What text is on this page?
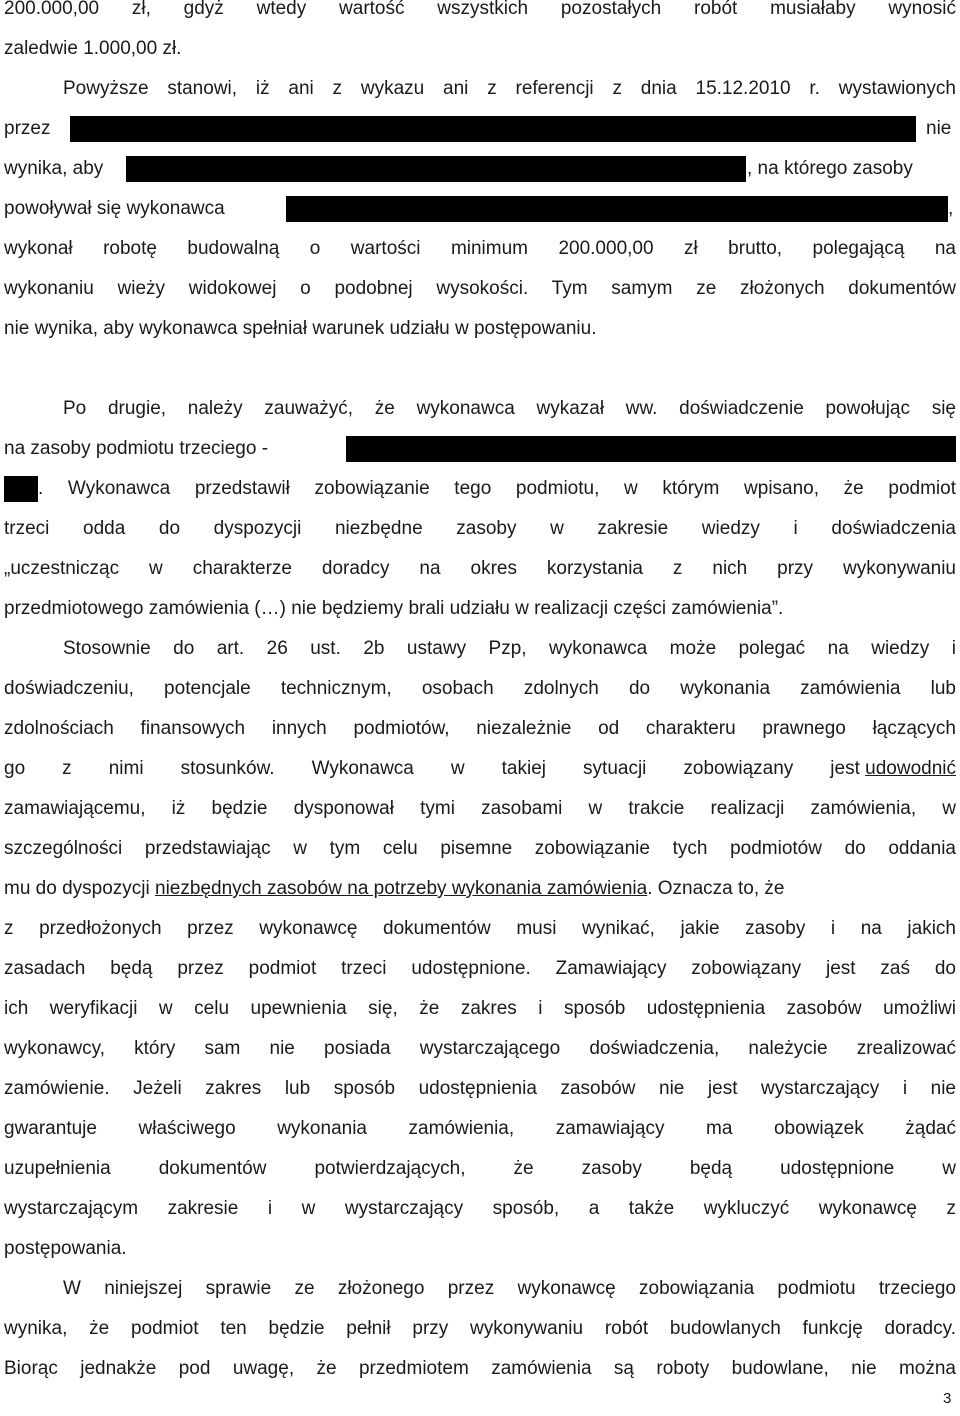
200.000,00 zł, gdyż wtedy wartość wszystkich pozostałych robót musiałaby wynosić
zaledwie 1.000,00 zł.
Powyższe stanowi, iż ani z wykazu ani z referencji z dnia 15.12.2010 r. wystawionych
przez	nie
wynika, aby	, na którego zasoby
powoływał się wykonawca	,
wykonał robotę budowalną o wartości minimum 200.000,00 zł brutto, polegającą na
wykonaniu wieży widokowej o podobnej wysokości. Tym samym ze złożonych dokumentów
nie wynika, aby wykonawca spełniał warunek udziału w postępowaniu.
Po drugie, należy zauważyć, że wykonawca wykazał ww. doświadczenie powołując się
na zasoby podmiotu trzeciego -
. Wykonawca przedstawił zobowiązanie tego podmiotu, w którym wpisano, że podmiot
trzeci odda do dyspozycji niezbędne zasoby w zakresie wiedzy i doświadczenia
„uczestnicząc w charakterze doradcy na okres korzystania z nich przy wykonywaniu
przedmiotowego zamówienia (…) nie będziemy brali udziału w realizacji części zamówienia”.
Stosownie do art. 26 ust. 2b ustawy Pzp, wykonawca może polegać na wiedzy i
doświadczeniu, potencjale technicznym, osobach zdolnych do wykonania zamówienia lub
zdolnościach finansowych innych podmiotów, niezależnie od charakteru prawnego łączących
go z nimi stosunków. Wykonawca w takiej sytuacji zobowiązany jest udowodnić
zamawiającemu, iż będzie dysponował tymi zasobami w trakcie realizacji zamówienia, w
szczególności przedstawiając w tym celu pisemne zobowiązanie tych podmiotów do oddania
mu do dyspozycji niezbędnych zasobów na potrzeby wykonania zamówienia . Oznacza to, że
z przedłożonych przez wykonawcę dokumentów musi wynikać, jakie zasoby i na jakich
zasadach będą przez podmiot trzeci udostępnione. Zamawiający zobowiązany jest zaś do
ich weryfikacji w celu upewnienia się, że zakres i sposób udostępnienia zasobów umożliwi
wykonawcy, który sam nie posiada wystarczającego doświadczenia, należycie zrealizować
zamówienie. Jeżeli zakres lub sposób udostępnienia zasobów nie jest wystarczający i nie
gwarantuje właściwego wykonania zamówienia, zamawiający ma obowiązek żądać
uzupełnienia dokumentów potwierdzających, że zasoby będą udostępnione w
wystarczającym zakresie i w wystarczający sposób, a także wykluczyć wykonawcę z
postępowania.
W niniejszej sprawie ze złożonego przez wykonawcę zobowiązania podmiotu trzeciego
wynika, że podmiot ten będzie pełnił przy wykonywaniu robót budowlanych funkcję doradcy.
Biorąc jednakże pod uwagę, że przedmiotem zamówienia są roboty budowlane, nie można
3
